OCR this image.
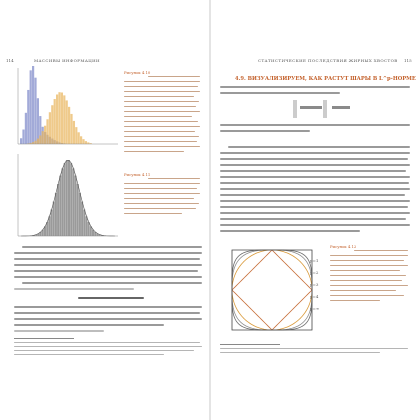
114	МАССИВЫ ИНФОРМАЦИИ
Рисунок 4.10
Рисунок 4.11
СТАТИСТИЧЕСКИЕ ПОСЛЕДСТВИЯ ЖИРНЫХ ХВОСТОВ 115
4.9. ВИЗУАЛИЗИРУЕМ, КАК РАСТУТ ШАРЫ В L^p-НОРМЕ
p=1
p=2
p=3
p=4
p=∞
Рисунок 4.12
